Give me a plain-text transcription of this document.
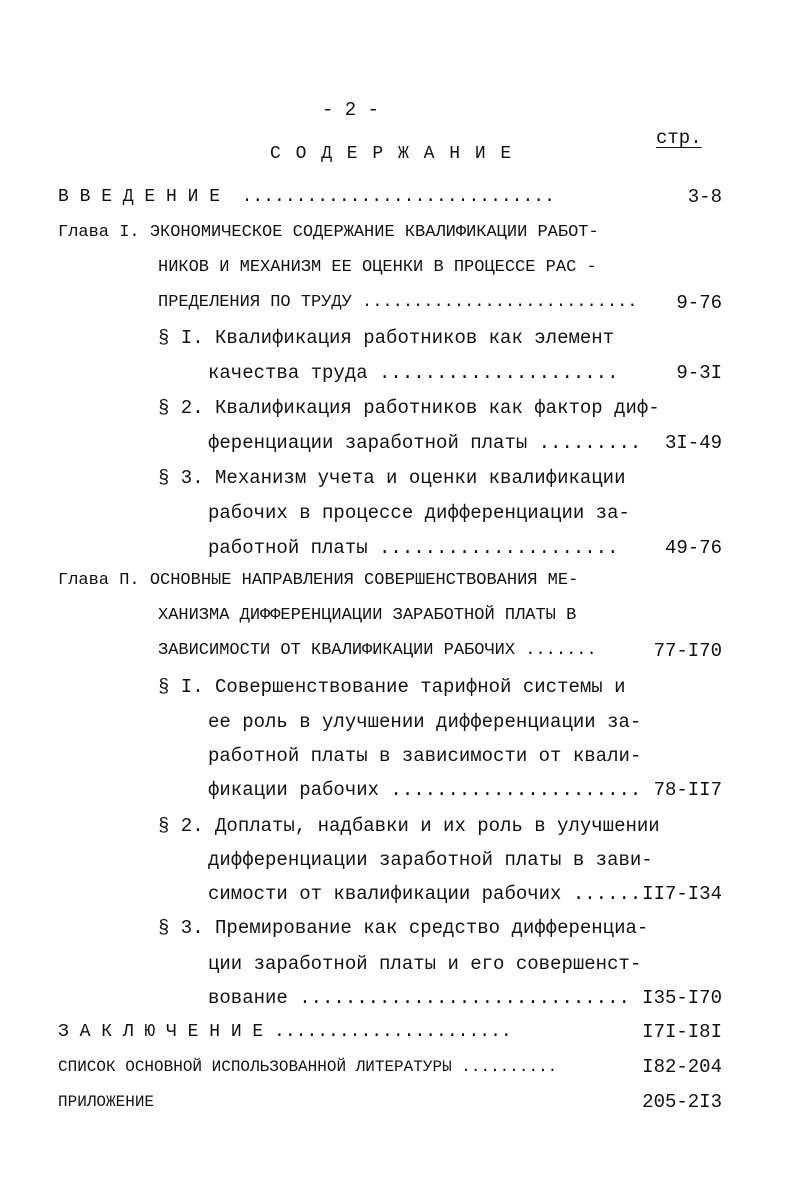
- 2 -
стр.
С О Д Е Р Ж А Н И Е
В В Е Д Е Н И Е  .............................	3-8
Глава I. ЭКОНОМИЧЕСКОЕ СОДЕРЖАНИЕ КВАЛИФИКАЦИИ РАБОТ-
НИКОВ И МЕХАНИЗМ ЕЕ ОЦЕНКИ В ПРОЦЕССЕ РАС -
ПРЕДЕЛЕНИЯ ПО ТРУДУ ........................... 9-76
§ I. Квалификация работников как элемент
качества труда .....................	9-3I
§ 2. Квалификация работников как фактор диф-
ференциации заработной платы ......... 3I-49
§ 3. Механизм учета и оценки квалификации
рабочих в процессе дифференциации за-
работной платы ..................... 49-76
Глава П. ОСНОВНЫЕ НАПРАВЛЕНИЯ СОВЕРШЕНСТВОВАНИЯ МЕ-
ХАНИЗМА ДИФФЕРЕНЦИАЦИИ ЗАРАБОТНОЙ ПЛАТЫ В
ЗАВИСИМОСТИ ОТ КВАЛИФИКАЦИИ РАБОЧИХ .......	77-I70
§ I. Совершенствование тарифной системы и
ее роль в улучшении дифференциации за-
работной платы в зависимости от квали-
фикации рабочих ...................... 78-II7
§ 2. Доплаты, надбавки и их роль в улучшении
дифференциации заработной платы в зави-
симости от квалификации рабочих ...... II7-I34
§ 3. Премирование как средство дифференциа-
ции заработной платы и его совершенст-
вование ............................. I35-I70
З А К Л Ю Ч Е Н И Е ......................	I7I-I8I
СПИСОК ОСНОВНОЙ ИСПОЛЬЗОВАННОЙ ЛИТЕРАТУРЫ ..........	I82-204
ПРИЛОЖЕНИЕ	205-2I3
